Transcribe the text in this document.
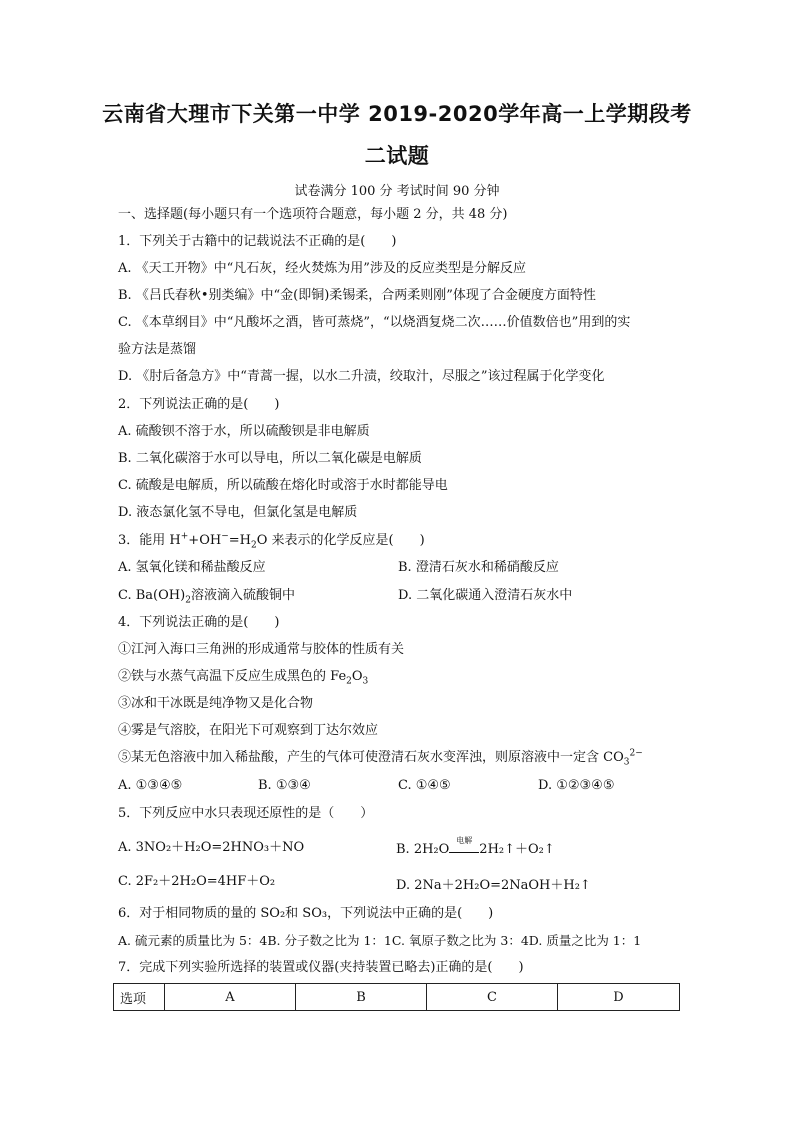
云南省大理市下关第一中学 2019-2020学年高一上学期段考
二试题
试卷满分 100 分 考试时间 90 分钟
一、选择题(每小题只有一个选项符合题意，每小题 2 分，共 48 分)
1．下列关于古籍中的记载说法不正确的是(　　)
A. 《天工开物》中“凡石灰，经火焚炼为用”涉及的反应类型是分解反应
B. 《吕氏春秋•别类编》中“金(即铜)柔锡柔，合两柔则刚”体现了合金硬度方面特性
C. 《本草纲目》中“凡酸坏之酒，皆可蒸烧”，“以烧酒复烧二次……价值数倍也”用到的实
验方法是蒸馏
D. 《肘后备急方》中“青蒿一握，以水二升渍，绞取汁，尽服之”该过程属于化学变化
2．下列说法正确的是(　　)
A. 硫酸钡不溶于水，所以硫酸钡是非电解质
B. 二氧化碳溶于水可以导电，所以二氧化碳是电解质
C. 硫酸是电解质，所以硫酸在熔化时或溶于水时都能导电
D. 液态氯化氢不导电，但氯化氢是电解质
3．能用 $H^++OH^-=H_2O$ 来表示的化学反应是(　　)
A. 氢氧化镁和稀盐酸反应	B. 澄清石灰水和稀硝酸反应
C. $Ba(OH)_2$溶液滴入硫酸铜中	D. 二氧化碳通入澄清石灰水中
4．下列说法正确的是(　　)
①江河入海口三角洲的形成通常与胶体的性质有关
②铁与水蒸气高温下反应生成黑色的 $Fe_2O_3$
③冰和干冰既是纯净物又是化合物
④雾是气溶胶，在阳光下可观察到丁达尔效应
⑤某无色溶液中加入稀盐酸，产生的气体可使澄清石灰水变浑浊，则原溶液中一定含 $CO_3^{2-}$
A. ①③④⑤	B. ①③④	C. ①④⑤	D. ①②③④⑤
5．下列反应中水只表现还原性的是（　　）
A. 3NO₂＋H₂O=2HNO₃＋NO	B. 2H₂O
电解
2H₂↑＋O₂↑
C. 2F₂＋2H₂O=4HF＋O₂	D. 2Na＋2H₂O=2NaOH＋H₂↑
6．对于相同物质的量的 SO₂和 SO₃，下列说法中正确的是(　　)
A. 硫元素的质量比为 5：4B. 分子数之比为 1：1C. 氧原子数之比为 3：4D. 质量之比为 1：1
7．完成下列实验所选择的装置或仪器(夹持装置已略去)正确的是(　　)
选项	A	B	C	D
